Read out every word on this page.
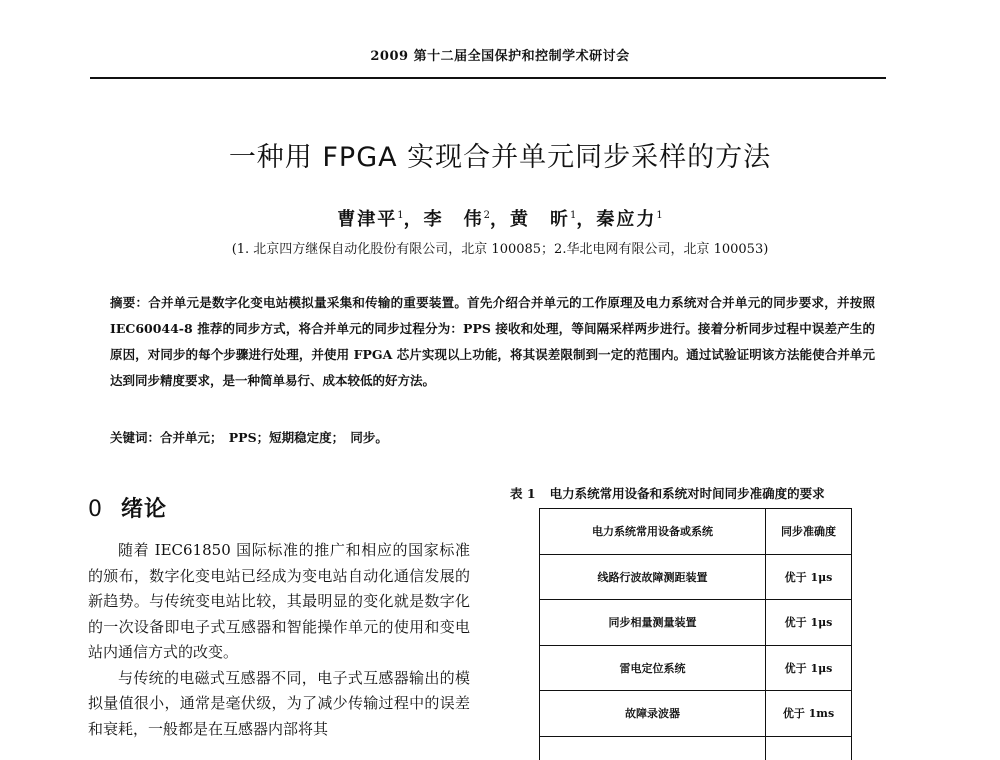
2009 第十二届全国保护和控制学术研讨会
一种用 FPGA 实现合并单元同步采样的方法
曹津平$^1$，李　伟$^2$，黄　昕$^1$，秦应力$^1$
(1. 北京四方继保自动化股份有限公司，北京 100085；2.华北电网有限公司，北京 100053)
摘要：合并单元是数字化变电站模拟量采集和传输的重要装置。首先介绍合并单元的工作原理及电力系统对合并单元的同步要求，并按照 IEC60044-8 推荐的同步方式，将合并单元的同步过程分为：PPS 接收和处理，等间隔采样两步进行。接着分析同步过程中误差产生的原因，对同步的每个步骤进行处理，并使用 FPGA 芯片实现以上功能，将其误差限制到一定的范围内。通过试验证明该方法能使合并单元达到同步精度要求，是一种简单易行、成本较低的好方法。
关键词：合并单元；　PPS；短期稳定度；　同步。
0 绪论

随着 IEC61850 国际标准的推广和相应的国家标准的颁布，数字化变电站已经成为变电站自动化通信发展的新趋势。与传统变电站比较，其最明显的变化就是数字化的一次设备即电子式互感器和智能操作单元的使用和变电站内通信方式的改变。

与传统的电磁式互感器不同，电子式互感器输出的模拟量值很小，通常是毫伏级，为了减少传输过程中的误差和衰耗，一般都是在互感器内部将其

表 1 电力系统常用设备和系统对时间同步准确度的要求
电力系统常用设备或系统	同步准确度
线路行波故障测距装置	优于 1μs
同步相量测量装置	优于 1μs
雷电定位系统	优于 1μs
故障录波器	优于 1ms
